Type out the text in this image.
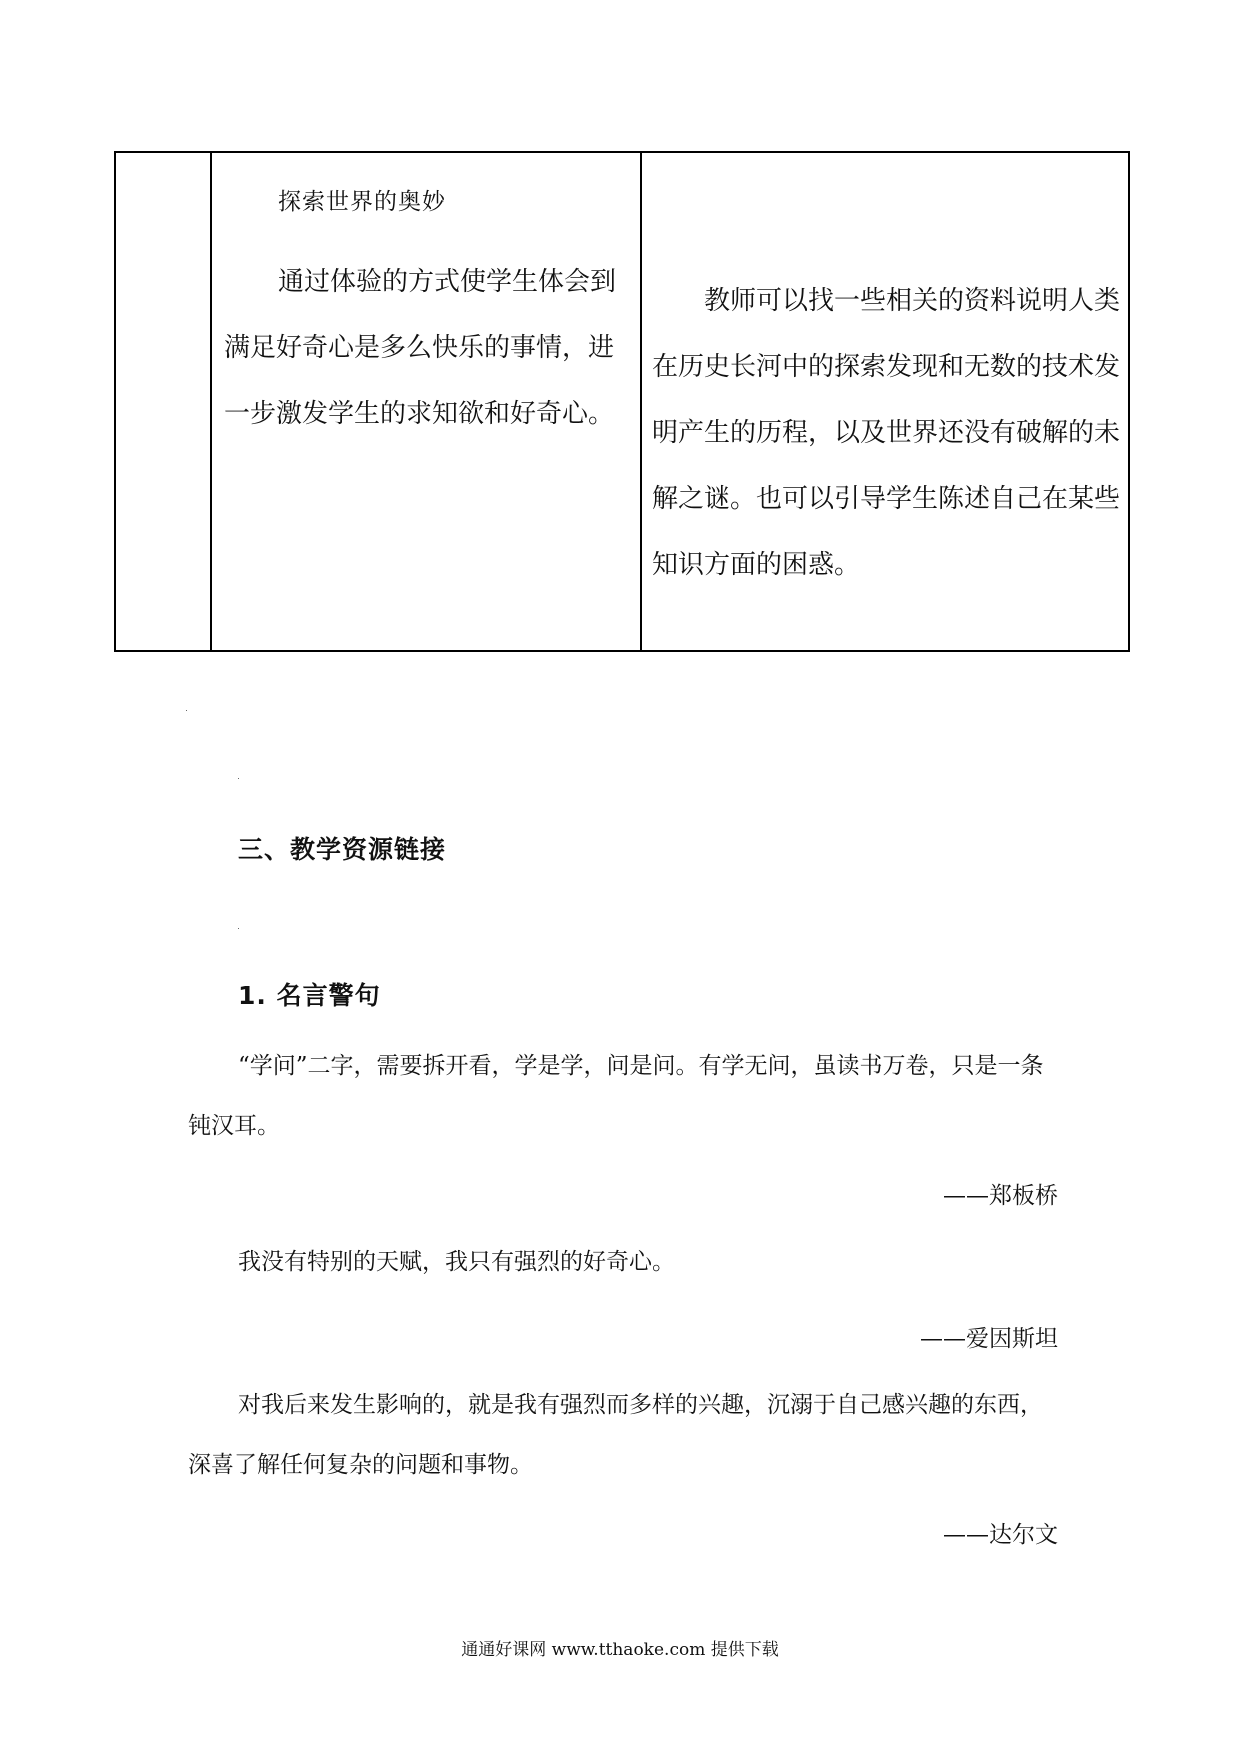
探索世界的奥妙
通过体验的方式使学生体会到满足好奇心是多么快乐的事情，进一步激发学生的求知欲和好奇心。
教师可以找一些相关的资料说明人类在历史长河中的探索发现和无数的技术发明产生的历程，以及世界还没有破解的未解之谜。也可以引导学生陈述自己在某些知识方面的困惑。
三、教学资源链接
1. 名言警句
“学问”二字，需要拆开看，学是学，问是问。有学无问，虽读书万卷，只是一条钝汉耳。
——郑板桥
我没有特别的天赋，我只有强烈的好奇心。
——爱因斯坦
对我后来发生影响的，就是我有强烈而多样的兴趣，沉溺于自己感兴趣的东西，深喜了解任何复杂的问题和事物。
——达尔文
通通好课网 www.tthaoke.com 提供下载
